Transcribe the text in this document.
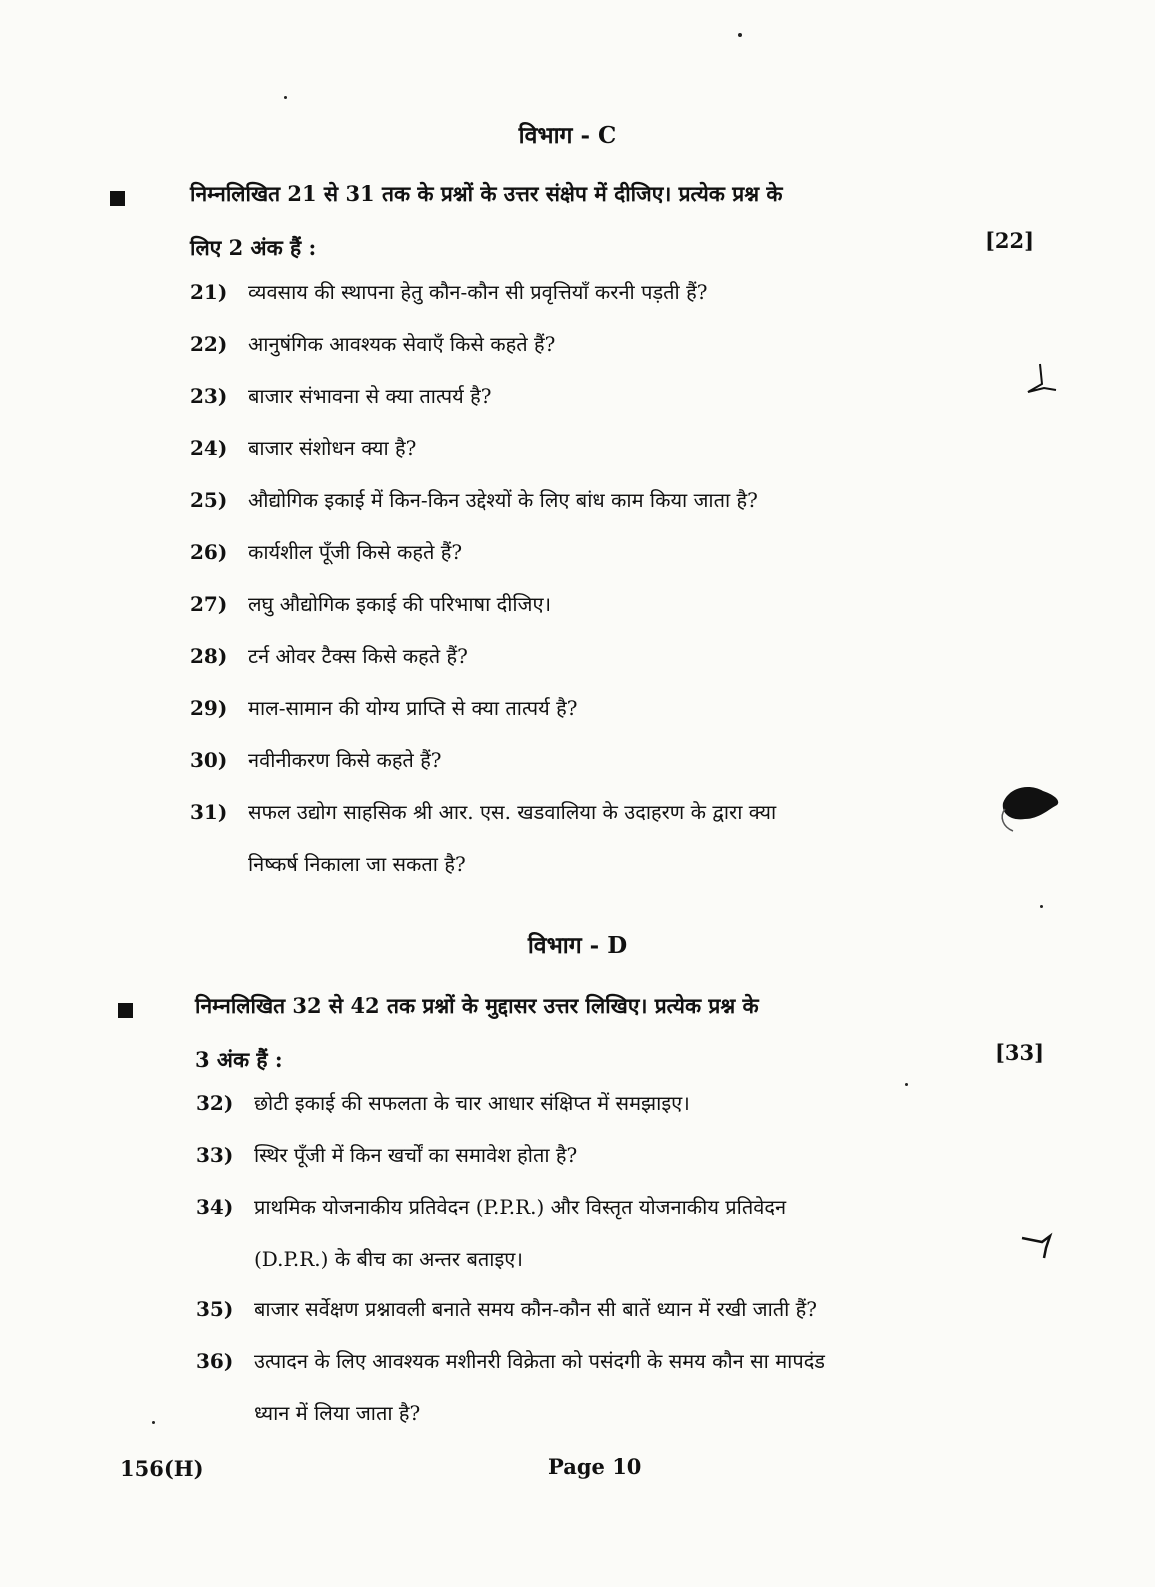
विभाग - C
निम्नलिखित 21 से 31 तक के प्रश्नों के उत्तर संक्षेप में दीजिए। प्रत्येक प्रश्न के
लिए 2 अंक हैं :	[22]
21) व्यवसाय की स्थापना हेतु कौन-कौन सी प्रवृत्तियाँ करनी पड़ती हैं?
22) आनुषंगिक आवश्यक सेवाएँ किसे कहते हैं?
23) बाजार संभावना से क्या तात्पर्य है?
24) बाजार संशोधन क्या है?
25) औद्योगिक इकाई में किन-किन उद्देश्यों के लिए बांध काम किया जाता है?
26) कार्यशील पूँजी किसे कहते हैं?
27) लघु औद्योगिक इकाई की परिभाषा दीजिए।
28) टर्न ओवर टैक्स किसे कहते हैं?
29) माल-सामान की योग्य प्राप्ति से क्या तात्पर्य है?
30) नवीनीकरण किसे कहते हैं?
31) सफल उद्योग साहसिक श्री आर. एस. खडवालिया के उदाहरण के द्वारा क्या
निष्कर्ष निकाला जा सकता है?
विभाग - D
निम्नलिखित 32 से 42 तक प्रश्नों के मुद्दासर उत्तर लिखिए। प्रत्येक प्रश्न के
3 अंक हैं :	[33]
32) छोटी इकाई की सफलता के चार आधार संक्षिप्त में समझाइए।
33) स्थिर पूँजी में किन खर्चों का समावेश होता है?
34) प्राथमिक योजनाकीय प्रतिवेदन (P.P.R.) और विस्तृत योजनाकीय प्रतिवेदन
(D.P.R.) के बीच का अन्तर बताइए।
35) बाजार सर्वेक्षण प्रश्नावली बनाते समय कौन-कौन सी बातें ध्यान में रखी जाती हैं?
36) उत्पादन के लिए आवश्यक मशीनरी विक्रेता को पसंदगी के समय कौन सा मापदंड
ध्यान में लिया जाता है?
156(H)	Page 10
